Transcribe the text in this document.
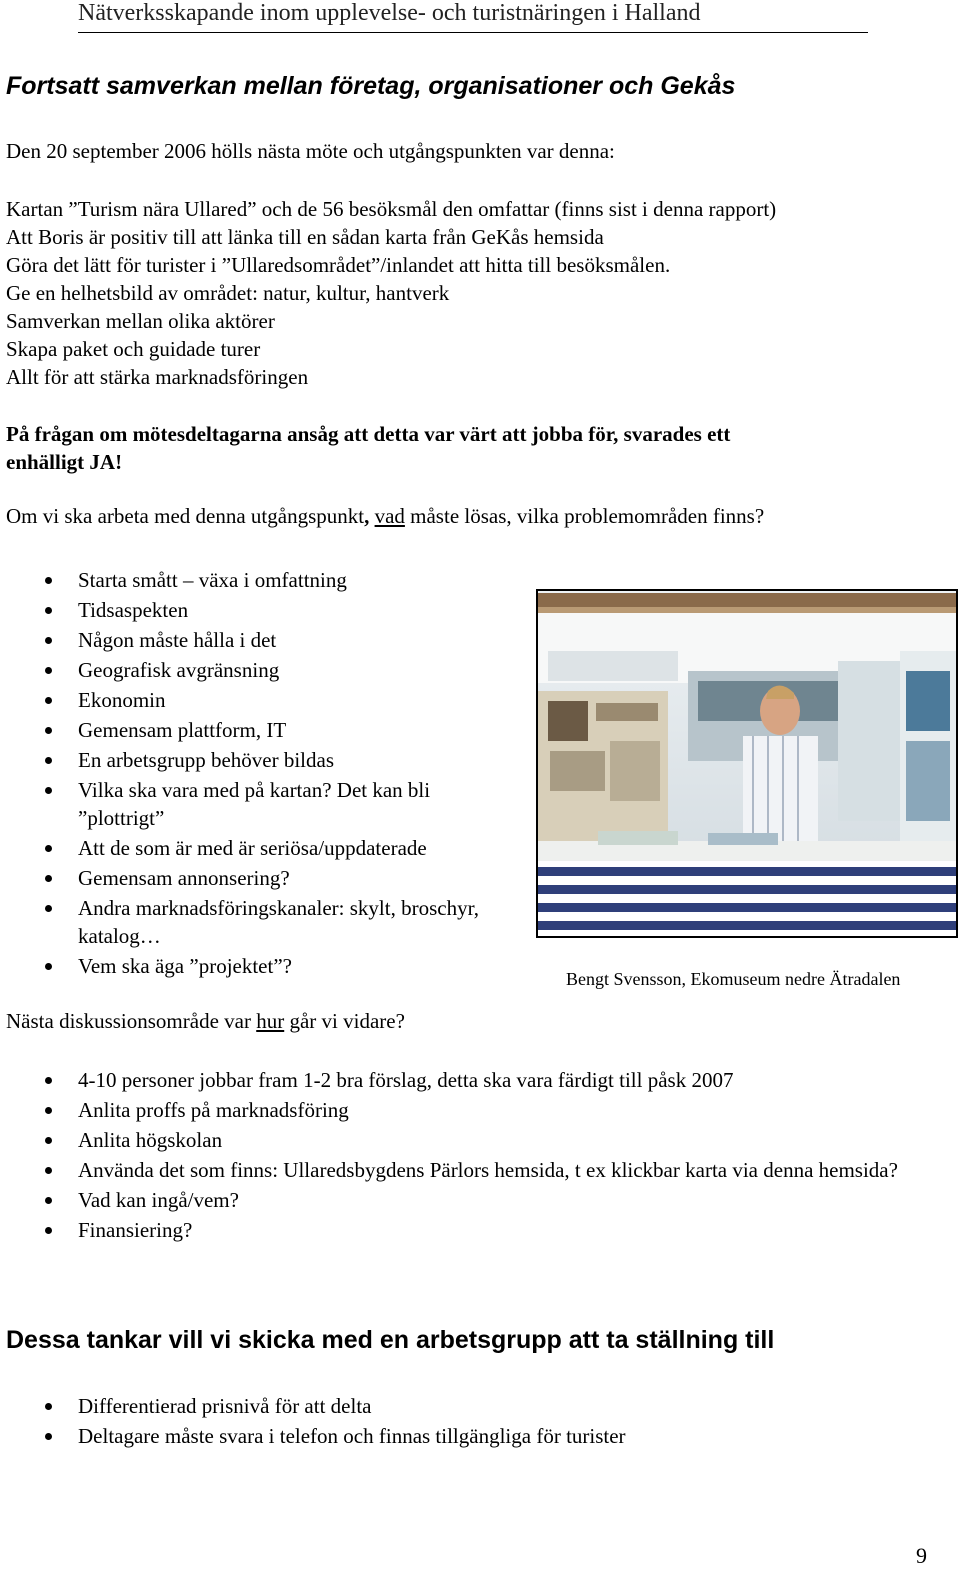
Nätverksskapande inom upplevelse- och turistnäringen i Halland
Fortsatt samverkan mellan företag, organisationer och Gekås
Den 20 september 2006 hölls nästa möte och utgångspunkten var denna:
Kartan ”Turism nära Ullared” och de 56 besöksmål den omfattar (finns sist i denna rapport)
Att Boris är positiv till att länka till en sådan karta från GeKås hemsida
Göra det lätt för turister i ”Ullaredsområdet”/inlandet att hitta till besöksmålen.
Ge en helhetsbild av området: natur, kultur, hantverk
Samverkan mellan olika aktörer
Skapa paket och guidade turer
Allt för att stärka marknadsföringen
På frågan om mötesdeltagarna ansåg att detta var värt att jobba för, svarades ett
enhälligt JA!
Om vi ska arbeta med denna utgångspunkt, vad måste lösas, vilka problemområden finns?
Starta smått – växa i omfattning
Tidsaspekten
Någon måste hålla i det
Geografisk avgränsning
Ekonomin
Gemensam plattform, IT
En arbetsgrupp behöver bildas
Vilka ska vara med på kartan? Det kan bli ”plottrigt”
Att de som är med är seriösa/uppdaterade
Gemensam annonsering?
Andra marknadsföringskanaler: skylt, broschyr, katalog…
Vem ska äga ”projektet”?
Bengt Svensson, Ekomuseum nedre Ätradalen
Nästa diskussionsområde var hur går vi vidare?
4-10 personer jobbar fram 1-2 bra förslag, detta ska vara färdigt till påsk 2007
Anlita proffs på marknadsföring
Anlita högskolan
Använda det som finns: Ullaredsbygdens Pärlors hemsida, t ex klickbar karta via denna hemsida?
Vad kan ingå/vem?
Finansiering?
Dessa tankar vill vi skicka med en arbetsgrupp att ta ställning till
Differentierad prisnivå för att delta
Deltagare måste svara i telefon och finnas tillgängliga för turister
9
